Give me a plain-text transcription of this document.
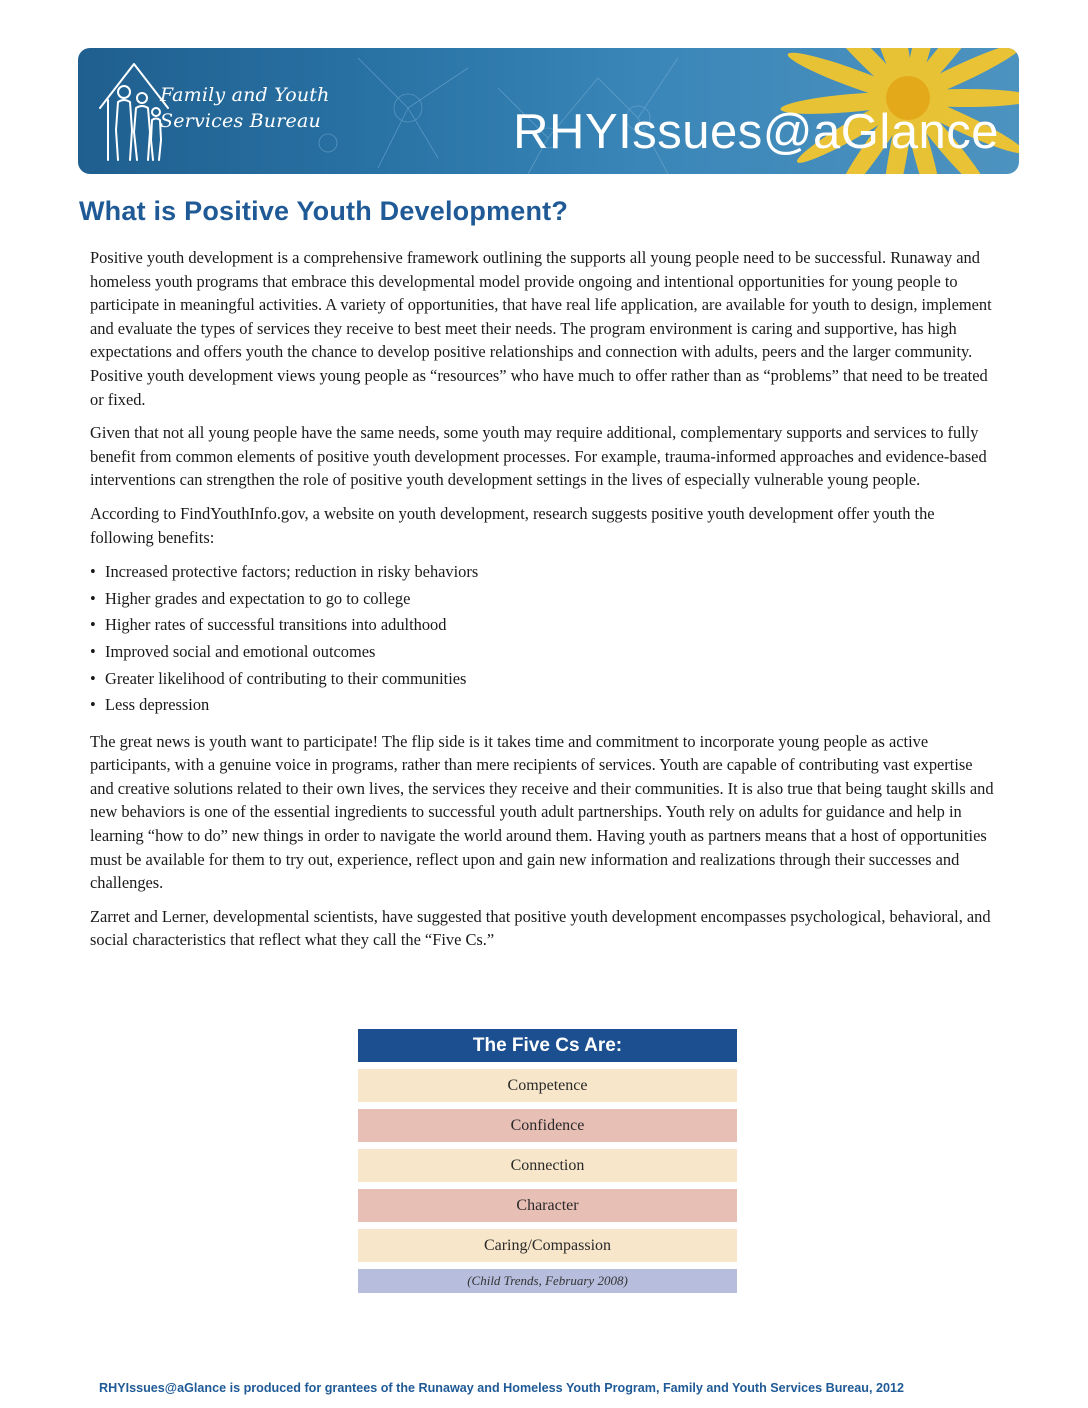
Family and Youth
Services Bureau	RHYIssues@aGlance
What is Positive Youth Development?

Positive youth development is a comprehensive framework outlining the supports all young people need to be successful. Runaway and homeless youth programs that embrace this developmental model provide ongoing and intentional opportunities for young people to participate in meaningful activities. A variety of opportunities, that have real life application, are available for youth to design, implement and evaluate the types of services they receive to best meet their needs. The program environment is caring and supportive, has high expectations and offers youth the chance to develop positive relationships and connection with adults, peers and the larger community. Positive youth development views young people as “resources” who have much to offer rather than as “problems” that need to be treated or fixed.

Given that not all young people have the same needs, some youth may require additional, complementary supports and services to fully benefit from common elements of positive youth development processes. For example, trauma-informed approaches and evidence-based interventions can strengthen the role of positive youth development settings in the lives of especially vulnerable young people.

According to FindYouthInfo.gov, a website on youth development, research suggests positive youth development offer youth the following benefits:

• Increased protective factors; reduction in risky behaviors
• Higher grades and expectation to go to college
• Higher rates of successful transitions into adulthood
• Improved social and emotional outcomes
• Greater likelihood of contributing to their communities
• Less depression

The great news is youth want to participate! The flip side is it takes time and commitment to incorporate young people as active participants, with a genuine voice in programs, rather than mere recipients of services. Youth are capable of contributing vast expertise and creative solutions related to their own lives, the services they receive and their communities. It is also true that being taught skills and new behaviors is one of the essential ingredients to successful youth adult partnerships. Youth rely on adults for guidance and help in learning “how to do” new things in order to navigate the world around them. Having youth as partners means that a host of opportunities must be available for them to try out, experience, reflect upon and gain new information and realizations through their successes and challenges.

Zarret and Lerner, developmental scientists, have suggested that positive youth development encompasses psychological, behavioral, and social characteristics that reflect what they call the “Five Cs.”

The Five Cs Are:
Competence
Confidence
Connection
Character
Caring/Compassion
(Child Trends, February 2008)
RHYIssues@aGlance is produced for grantees of the Runaway and Homeless Youth Program, Family and Youth Services Bureau, 2012
